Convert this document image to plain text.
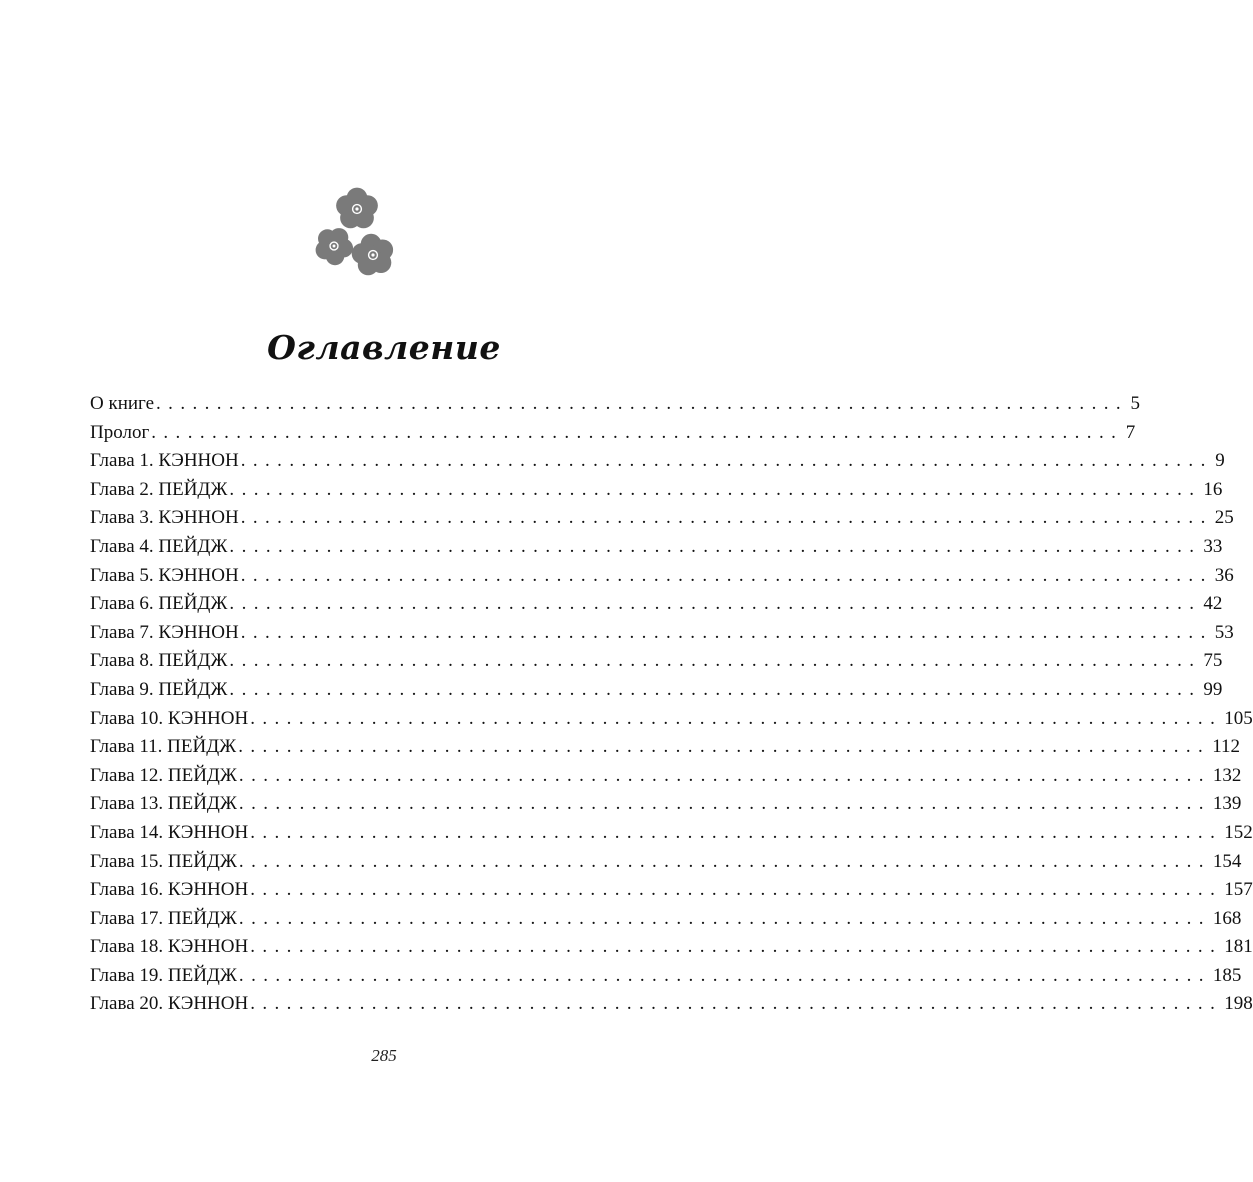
Оглавление
О книге ................................................................................ 5
Пролог ................................................................................ 7
Глава 1. КЭННОН ................................................................................ 9
Глава 2. ПЕЙДЖ ................................................................................ 16
Глава 3. КЭННОН ................................................................................ 25
Глава 4. ПЕЙДЖ ................................................................................ 33
Глава 5. КЭННОН ................................................................................ 36
Глава 6. ПЕЙДЖ ................................................................................ 42
Глава 7. КЭННОН ................................................................................ 53
Глава 8. ПЕЙДЖ ................................................................................ 75
Глава 9. ПЕЙДЖ ................................................................................ 99
Глава 10. КЭННОН ................................................................................ 105
Глава 11. ПЕЙДЖ ................................................................................ 112
Глава 12. ПЕЙДЖ ................................................................................ 132
Глава 13. ПЕЙДЖ ................................................................................ 139
Глава 14. КЭННОН ................................................................................ 152
Глава 15. ПЕЙДЖ ................................................................................ 154
Глава 16. КЭННОН ................................................................................ 157
Глава 17. ПЕЙДЖ ................................................................................ 168
Глава 18. КЭННОН ................................................................................ 181
Глава 19. ПЕЙДЖ ................................................................................ 185
Глава 20. КЭННОН ................................................................................ 198
285
